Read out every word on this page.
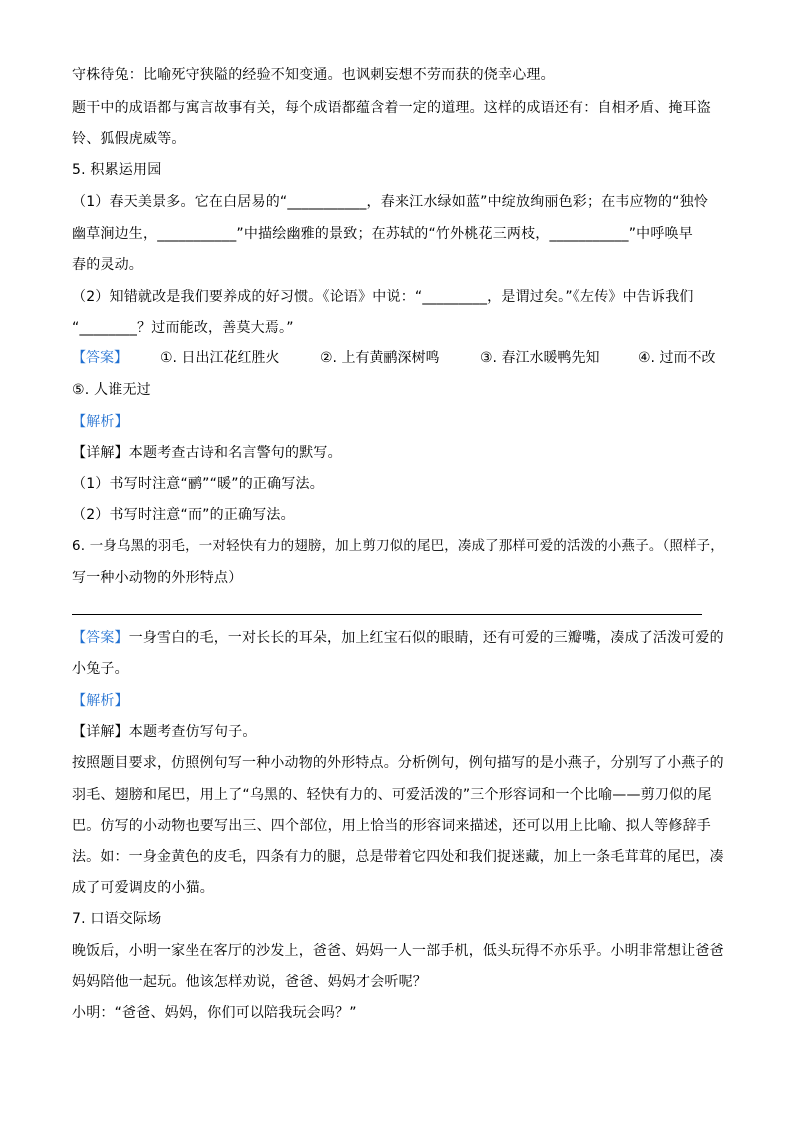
守株待兔：比喻死守狭隘的经验不知变通。也讽刺妄想不劳而获的侥幸心理。
题干中的成语都与寓言故事有关，每个成语都蕴含着一定的道理。这样的成语还有：自相矛盾、掩耳盗
铃、狐假虎威等。
5. 积累运用园
（1）春天美景多。它在白居易的“___________，春来江水绿如蓝”中绽放绚丽色彩；在韦应物的“独怜
幽草涧边生，___________”中描绘幽雅的景致；在苏轼的“竹外桃花三两枝，___________”中呼唤早
春的灵动。
（2）知错就改是我们要养成的好习惯。《论语》中说：“_________，是谓过矣。”《左传》中告诉我们
“________？过而能改，善莫大焉。”
【答案】 ①. 日出江花红胜火	②. 上有黄鹂深树鸣	③. 春江水暖鸭先知	④. 过而不改
⑤. 人谁无过
【解析】
【详解】本题考查古诗和名言警句的默写。
（1）书写时注意“鹂”“暖”的正确写法。
（2）书写时注意“而”的正确写法。
6. 一身乌黑的羽毛，一对轻快有力的翅膀，加上剪刀似的尾巴，凑成了那样可爱的活泼的小燕子。（照样子，
写一种小动物的外形特点）
【答案】一身雪白的毛，一对长长的耳朵，加上红宝石似的眼睛，还有可爱的三瓣嘴，凑成了活泼可爱的
小兔子。
【解析】
【详解】本题考查仿写句子。
按照题目要求，仿照例句写一种小动物的外形特点。分析例句，例句描写的是小燕子，分别写了小燕子的
羽毛、翅膀和尾巴，用上了“乌黑的、轻快有力的、可爱活泼的”三个形容词和一个比喻——剪刀似的尾
巴。仿写的小动物也要写出三、四个部位，用上恰当的形容词来描述，还可以用上比喻、拟人等修辞手
法。如：一身金黄色的皮毛，四条有力的腿，总是带着它四处和我们捉迷藏，加上一条毛茸茸的尾巴，凑
成了可爱调皮的小猫。
7. 口语交际场
晚饭后，小明一家坐在客厅的沙发上，爸爸、妈妈一人一部手机，低头玩得不亦乐乎。小明非常想让爸爸
妈妈陪他一起玩。他该怎样劝说，爸爸、妈妈才会听呢？
小明：“爸爸、妈妈，你们可以陪我玩会吗？”
